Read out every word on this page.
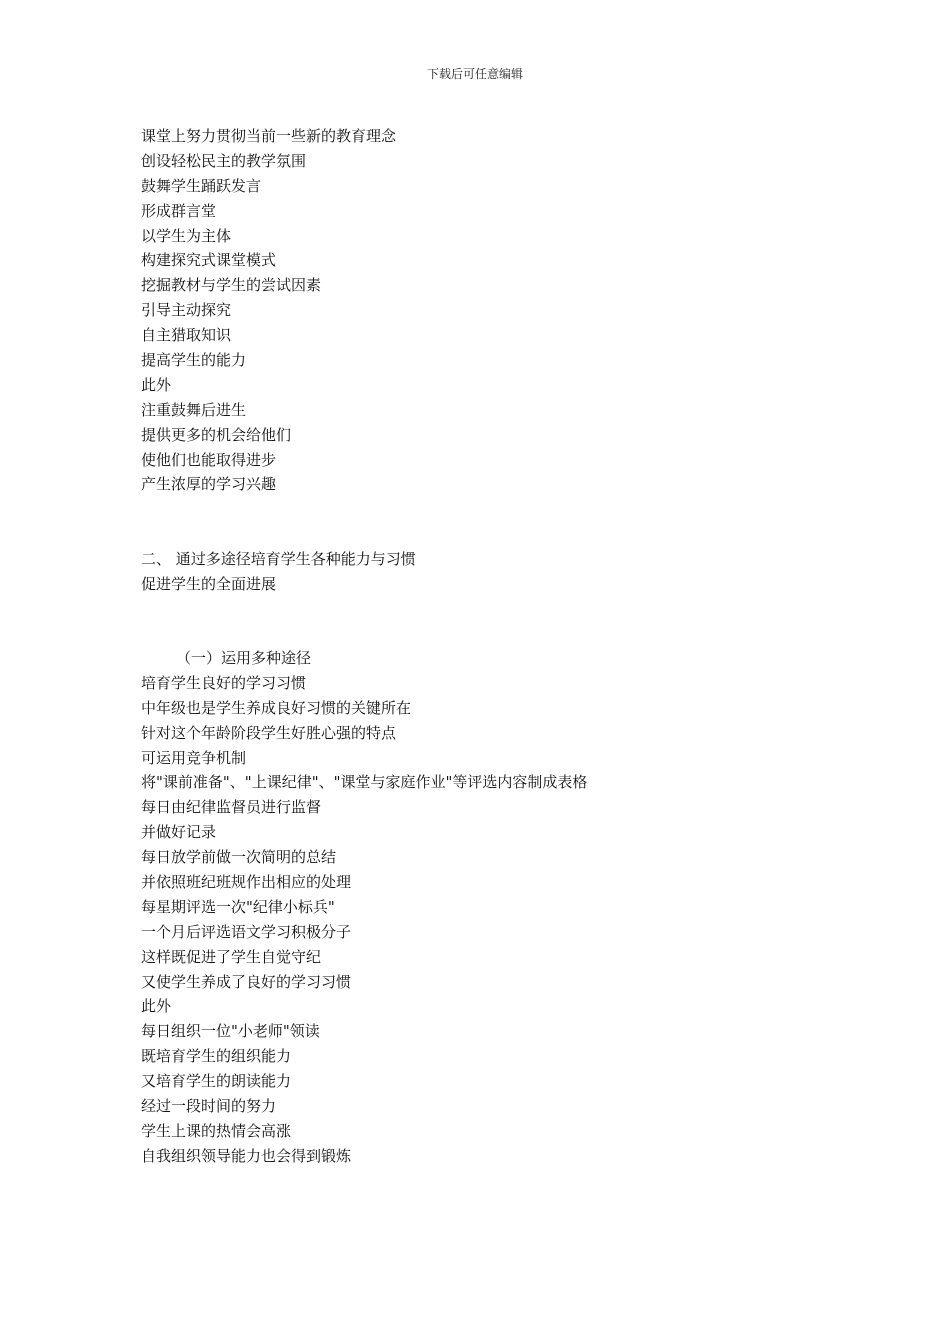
下载后可任意编辑
课堂上努力贯彻当前一些新的教育理念
创设轻松民主的教学氛围
鼓舞学生踊跃发言
形成群言堂
以学生为主体
构建探究式课堂模式
挖掘教材与学生的尝试因素
引导主动探究
自主猎取知识
提高学生的能力
此外
注重鼓舞后进生
提供更多的机会给他们
使他们也能取得进步
产生浓厚的学习兴趣
二、 通过多途径培育学生各种能力与习惯
促进学生的全面进展
（一）运用多种途径
培育学生良好的学习习惯
中年级也是学生养成良好习惯的关键所在
针对这个年龄阶段学生好胜心强的特点
可运用竞争机制
将"课前准备"、"上课纪律"、"课堂与家庭作业"等评选内容制成表格
每日由纪律监督员进行监督
并做好记录
每日放学前做一次简明的总结
并依照班纪班规作出相应的处理
每星期评选一次"纪律小标兵"
一个月后评选语文学习积极分子
这样既促进了学生自觉守纪
又使学生养成了良好的学习习惯
此外
每日组织一位"小老师"领读
既培育学生的组织能力
又培育学生的朗读能力
经过一段时间的努力
学生上课的热情会高涨
自我组织领导能力也会得到锻炼
